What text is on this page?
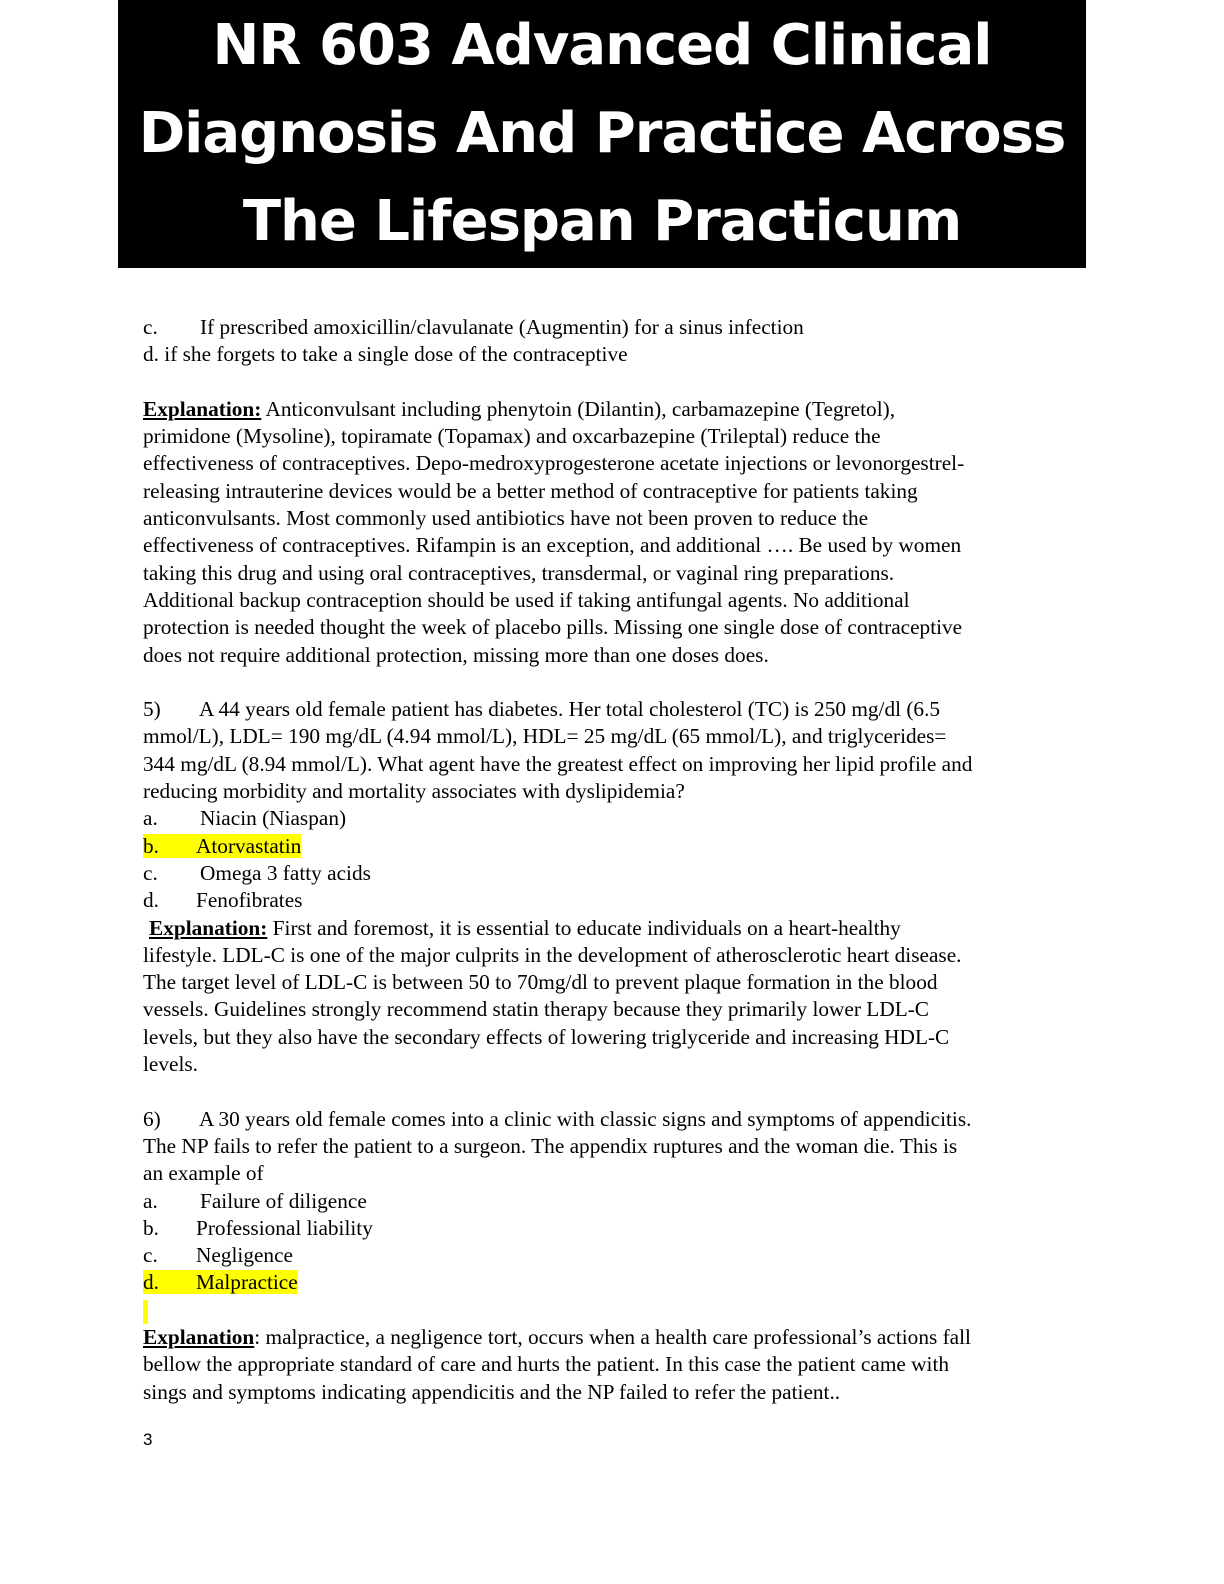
NR 603 Advanced Clinical
Diagnosis And Practice Across
The Lifespan Practicum
c. If prescribed amoxicillin/clavulanate (Augmentin) for a sinus infection
d. if she forgets to take a single dose of the contraceptive
Explanation: Anticonvulsant including phenytoin (Dilantin), carbamazepine (Tegretol),
primidone (Mysoline), topiramate (Topamax) and oxcarbazepine (Trileptal) reduce the
effectiveness of contraceptives. Depo-medroxyprogesterone acetate injections or levonorgestrel-
releasing intrauterine devices would be a better method of contraceptive for patients taking
anticonvulsants. Most commonly used antibiotics have not been proven to reduce the
effectiveness of contraceptives. Rifampin is an exception, and additional …. Be used by women
taking this drug and using oral contraceptives, transdermal, or vaginal ring preparations.
Additional backup contraception should be used if taking antifungal agents. No additional
protection is needed thought the week of placebo pills. Missing one single dose of contraceptive
does not require additional protection, missing more than one doses does.
5) A 44 years old female patient has diabetes. Her total cholesterol (TC) is 250 mg/dl (6.5
mmol/L), LDL= 190 mg/dL (4.94 mmol/L), HDL= 25 mg/dL (65 mmol/L), and triglycerides=
344 mg/dL (8.94 mmol/L). What agent have the greatest effect on improving her lipid profile and
reducing morbidity and mortality associates with dyslipidemia?
a. Niacin (Niaspan)
b. Atorvastatin
c. Omega 3 fatty acids
d. Fenofibrates
Explanation: First and foremost, it is essential to educate individuals on a heart-healthy
lifestyle. LDL-C is one of the major culprits in the development of atherosclerotic heart disease.
The target level of LDL-C is between 50 to 70mg/dl to prevent plaque formation in the blood
vessels. Guidelines strongly recommend statin therapy because they primarily lower LDL-C
levels, but they also have the secondary effects of lowering triglyceride and increasing HDL-C
levels.
6) A 30 years old female comes into a clinic with classic signs and symptoms of appendicitis.
The NP fails to refer the patient to a surgeon. The appendix ruptures and the woman die. This is
an example of
a. Failure of diligence
b. Professional liability
c. Negligence
d. Malpractice
Explanation: malpractice, a negligence tort, occurs when a health care professional’s actions fall
bellow the appropriate standard of care and hurts the patient. In this case the patient came with
sings and symptoms indicating appendicitis and the NP failed to refer the patient..
3
